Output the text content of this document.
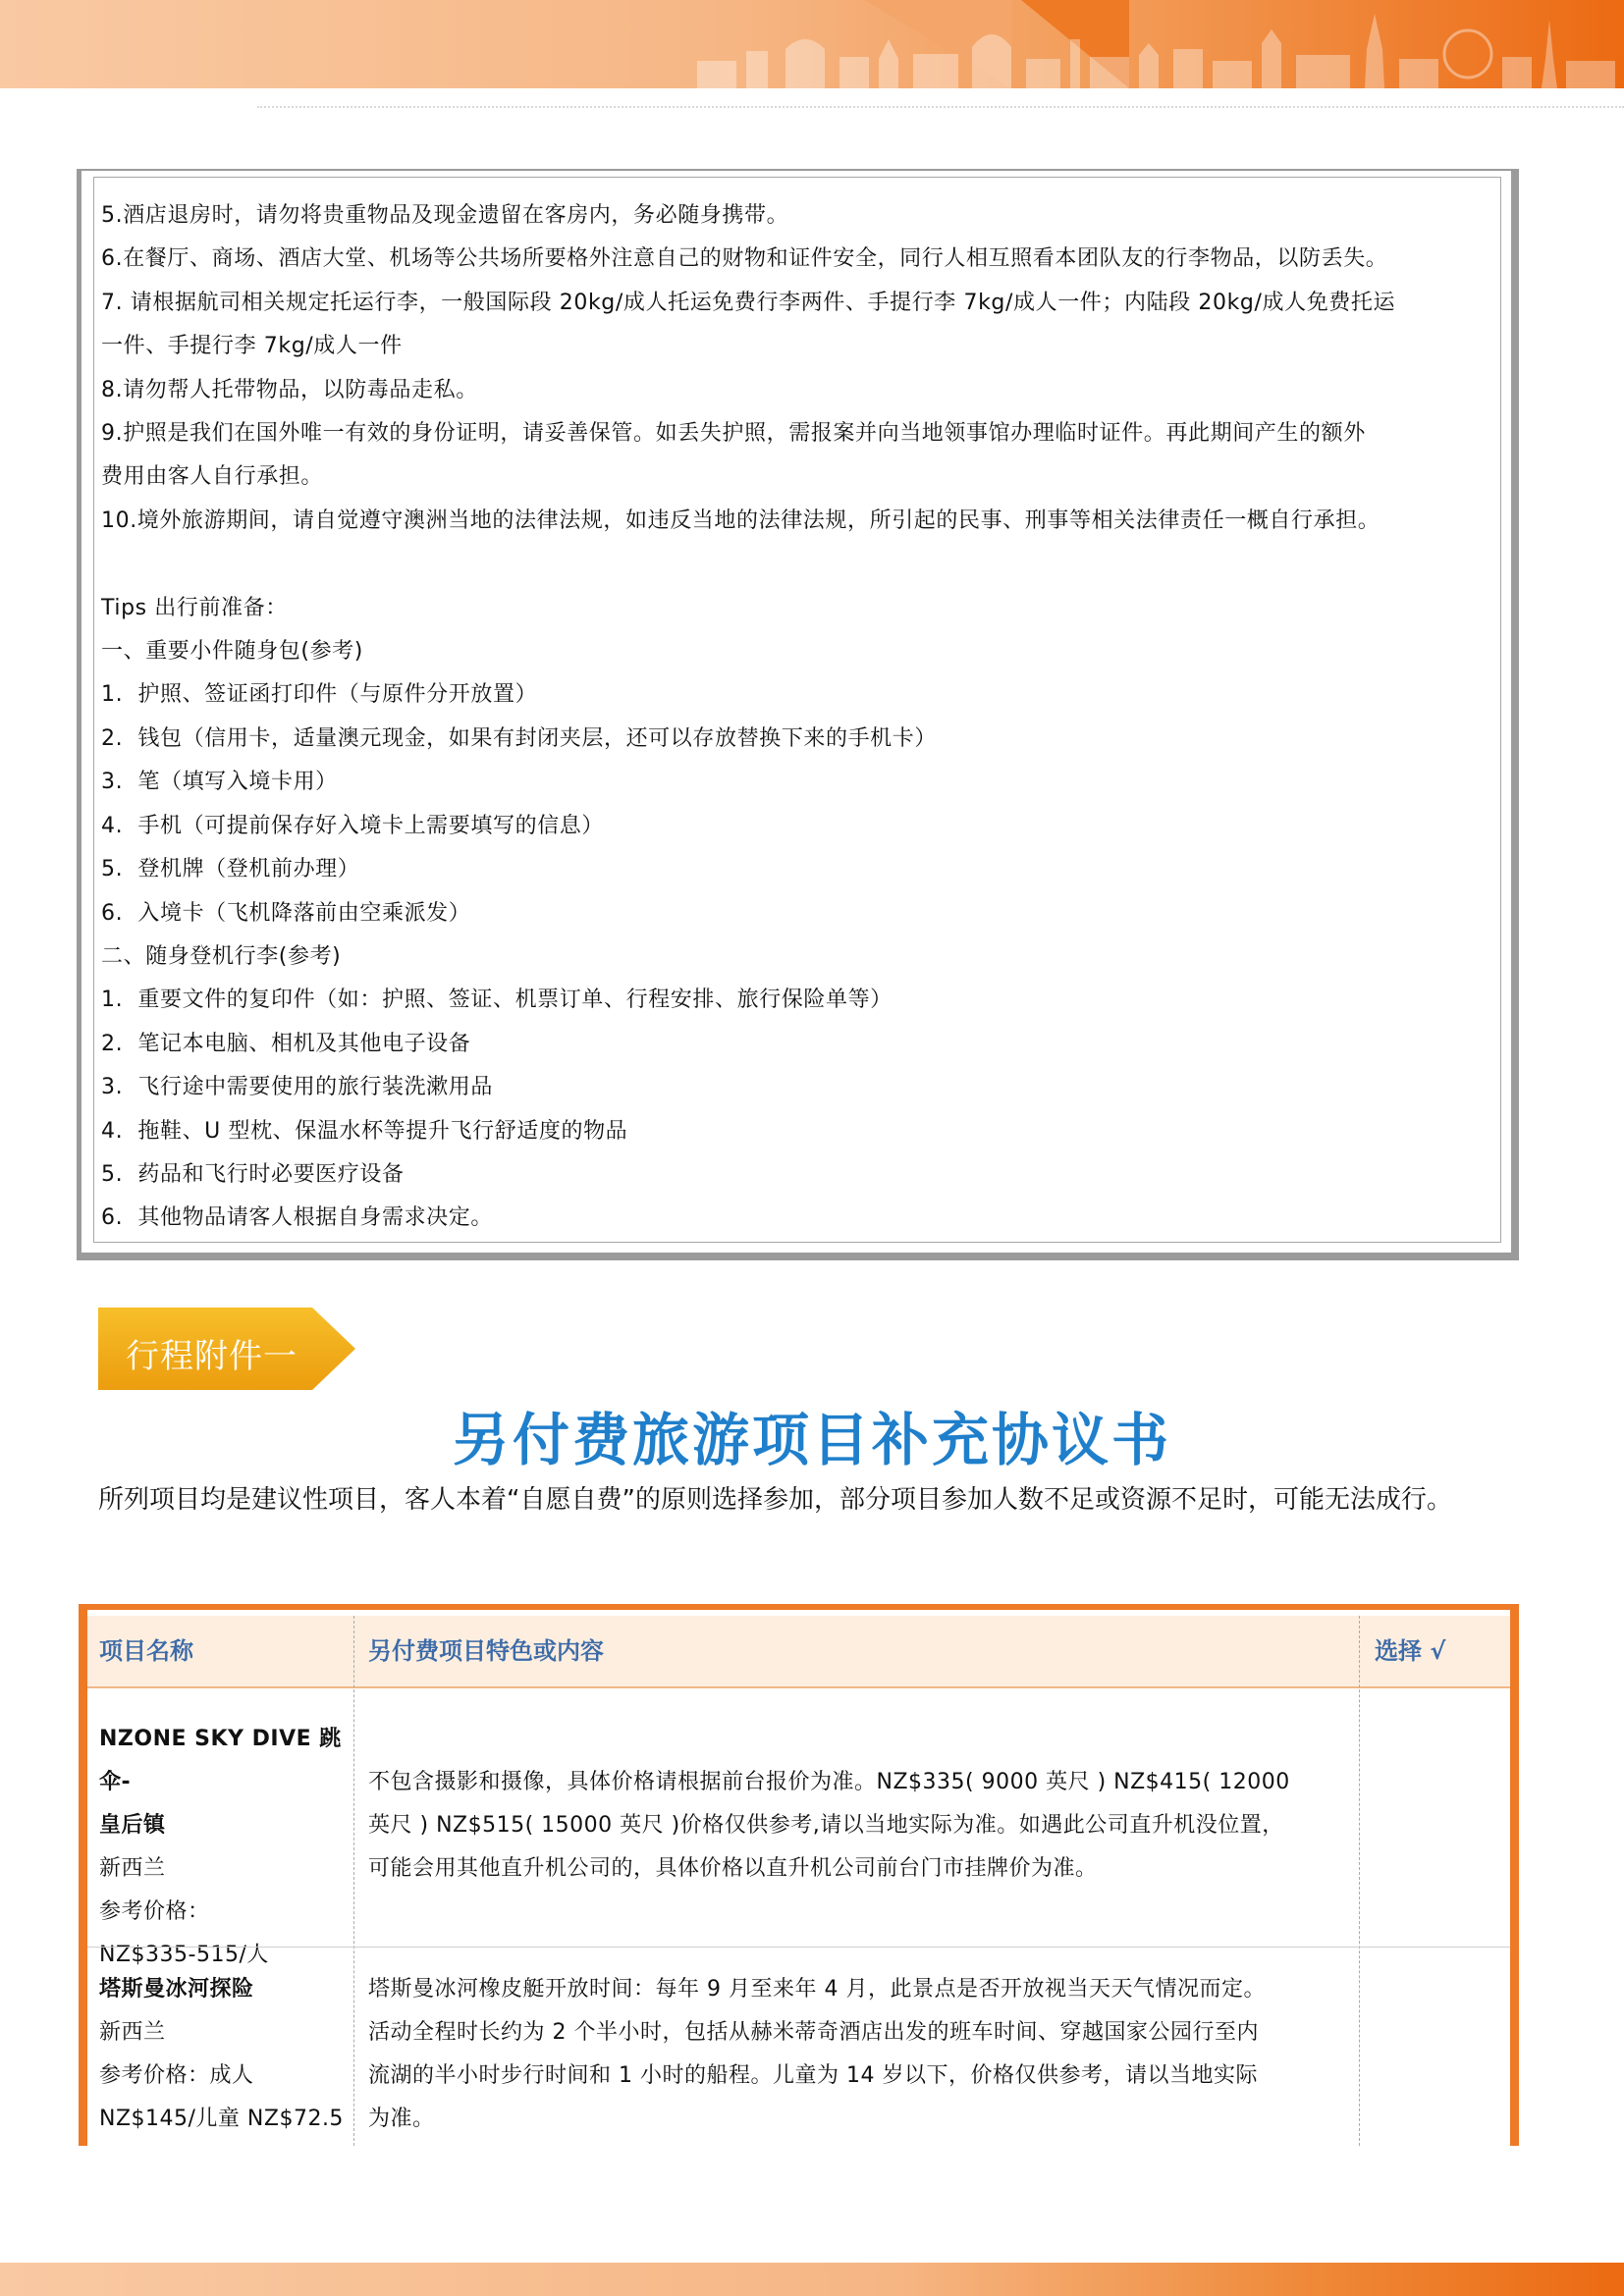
5.酒店退房时，请勿将贵重物品及现金遗留在客房内，务必随身携带。

6.在餐厅、商场、酒店大堂、机场等公共场所要格外注意自己的财物和证件安全，同行人相互照看本团队友的行李物品，以防丢失。

7. 请根据航司相关规定托运行李，一般国际段 20kg/成人托运免费行李两件、手提行李 7kg/成人一件；内陆段 20kg/成人免费托运

一件、手提行李 7kg/成人一件

8.请勿帮人托带物品，以防毒品走私。

9.护照是我们在国外唯一有效的身份证明，请妥善保管。如丢失护照，需报案并向当地领事馆办理临时证件。再此期间产生的额外

费用由客人自行承担。

10.境外旅游期间，请自觉遵守澳洲当地的法律法规，如违反当地的法律法规，所引起的民事、刑事等相关法律责任一概自行承担。

Tips 出行前准备：

一、重要小件随身包(参考)

1.  护照、签证函打印件（与原件分开放置）

2.  钱包（信用卡，适量澳元现金，如果有封闭夹层，还可以存放替换下来的手机卡）

3.  笔（填写入境卡用）

4.  手机（可提前保存好入境卡上需要填写的信息）

5.  登机牌（登机前办理）

6.  入境卡（飞机降落前由空乘派发）

二、随身登机行李(参考)

1.  重要文件的复印件（如：护照、签证、机票订单、行程安排、旅行保险单等）

2.  笔记本电脑、相机及其他电子设备

3.  飞行途中需要使用的旅行装洗漱用品

4.  拖鞋、U 型枕、保温水杯等提升飞行舒适度的物品

5.  药品和飞行时必要医疗设备

6.  其他物品请客人根据自身需求决定。

行程附件一
另付费旅游项目补充协议书
所列项目均是建议性项目，客人本着“自愿自费”的原则选择参加，部分项目参加人数不足或资源不足时，可能无法成行。
项目名称	另付费项目特色或内容	选择 √
NZONE SKY DIVE 跳伞-
皇后镇
新西兰
参考价格：
NZ$335-515/人
不包含摄影和摄像，具体价格请根据前台报价为准。NZ$335( 9000 英尺 ) NZ$415( 12000
英尺 ) NZ$515( 15000 英尺 )价格仅供参考,请以当地实际为准。如遇此公司直升机没位置，
可能会用其他直升机公司的，具体价格以直升机公司前台门市挂牌价为准。
塔斯曼冰河探险
新西兰
参考价格：成人
NZ$145/儿童 NZ$72.5
塔斯曼冰河橡皮艇开放时间：每年 9 月至来年 4 月，此景点是否开放视当天天气情况而定。
活动全程时长约为 2 个半小时，包括从赫米蒂奇酒店出发的班车时间、穿越国家公园行至内
流湖的半小时步行时间和 1 小时的船程。儿童为 14 岁以下，价格仅供参考，请以当地实际
为准。
